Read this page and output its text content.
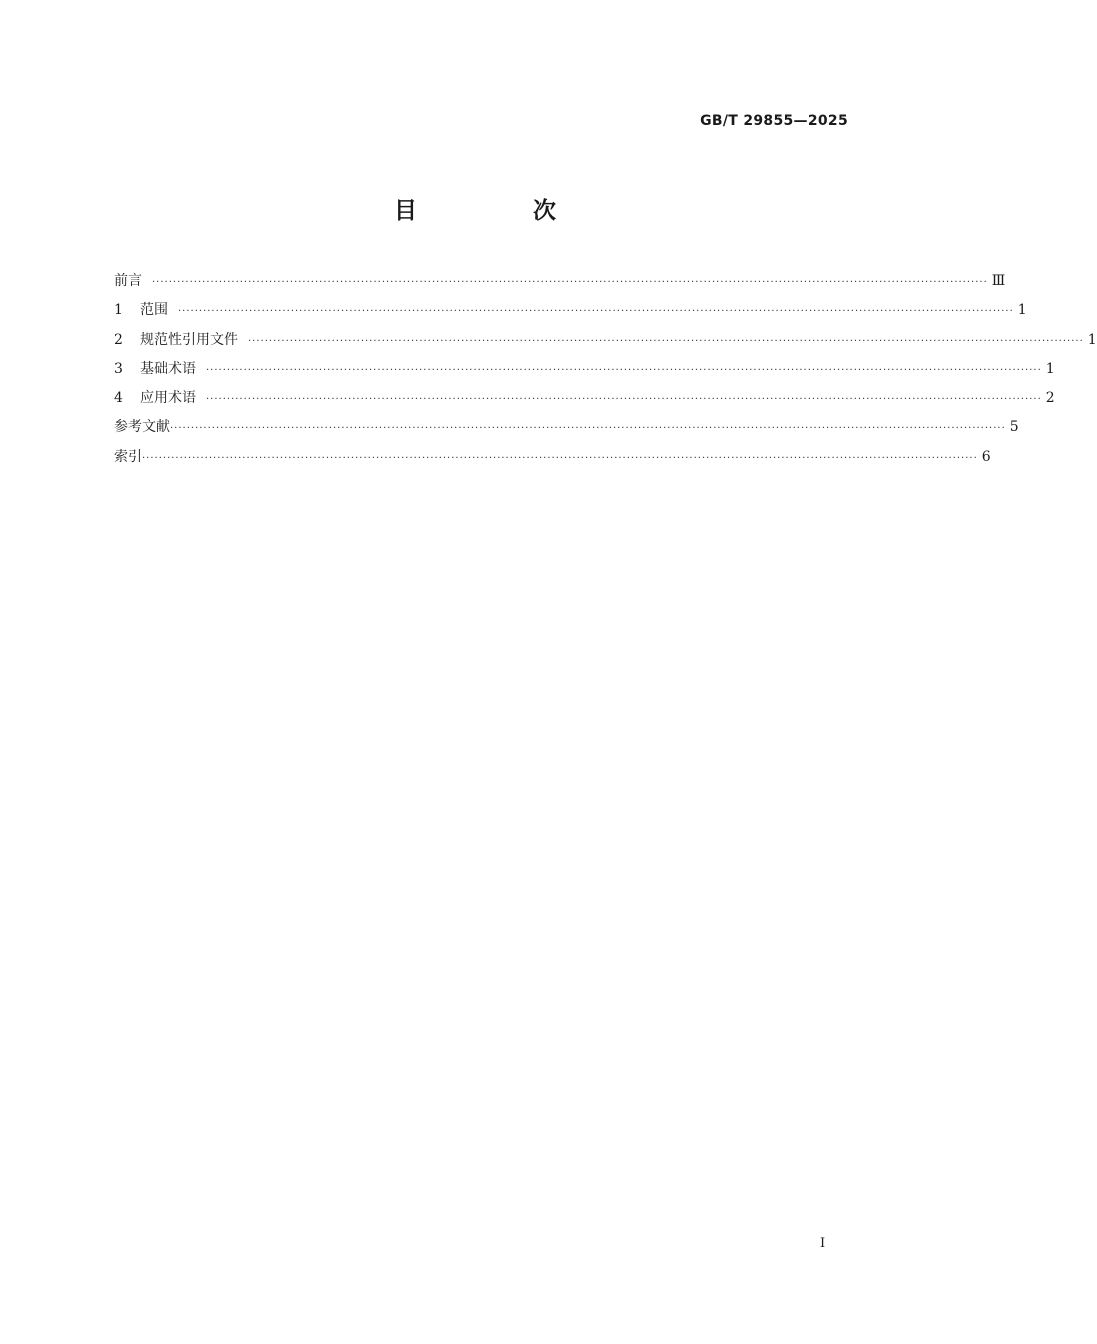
GB/T 29855—2025
目 次
前言	········································································································································································································ Ⅲ
1	范围	········································································································································································································ 1
2	规范性引用文件	········································································································································································································ 1
3	基础术语	········································································································································································································ 1
4	应用术语	········································································································································································································ 2
参考文献 ········································································································································································································ 5
索引 ········································································································································································································ 6
I
